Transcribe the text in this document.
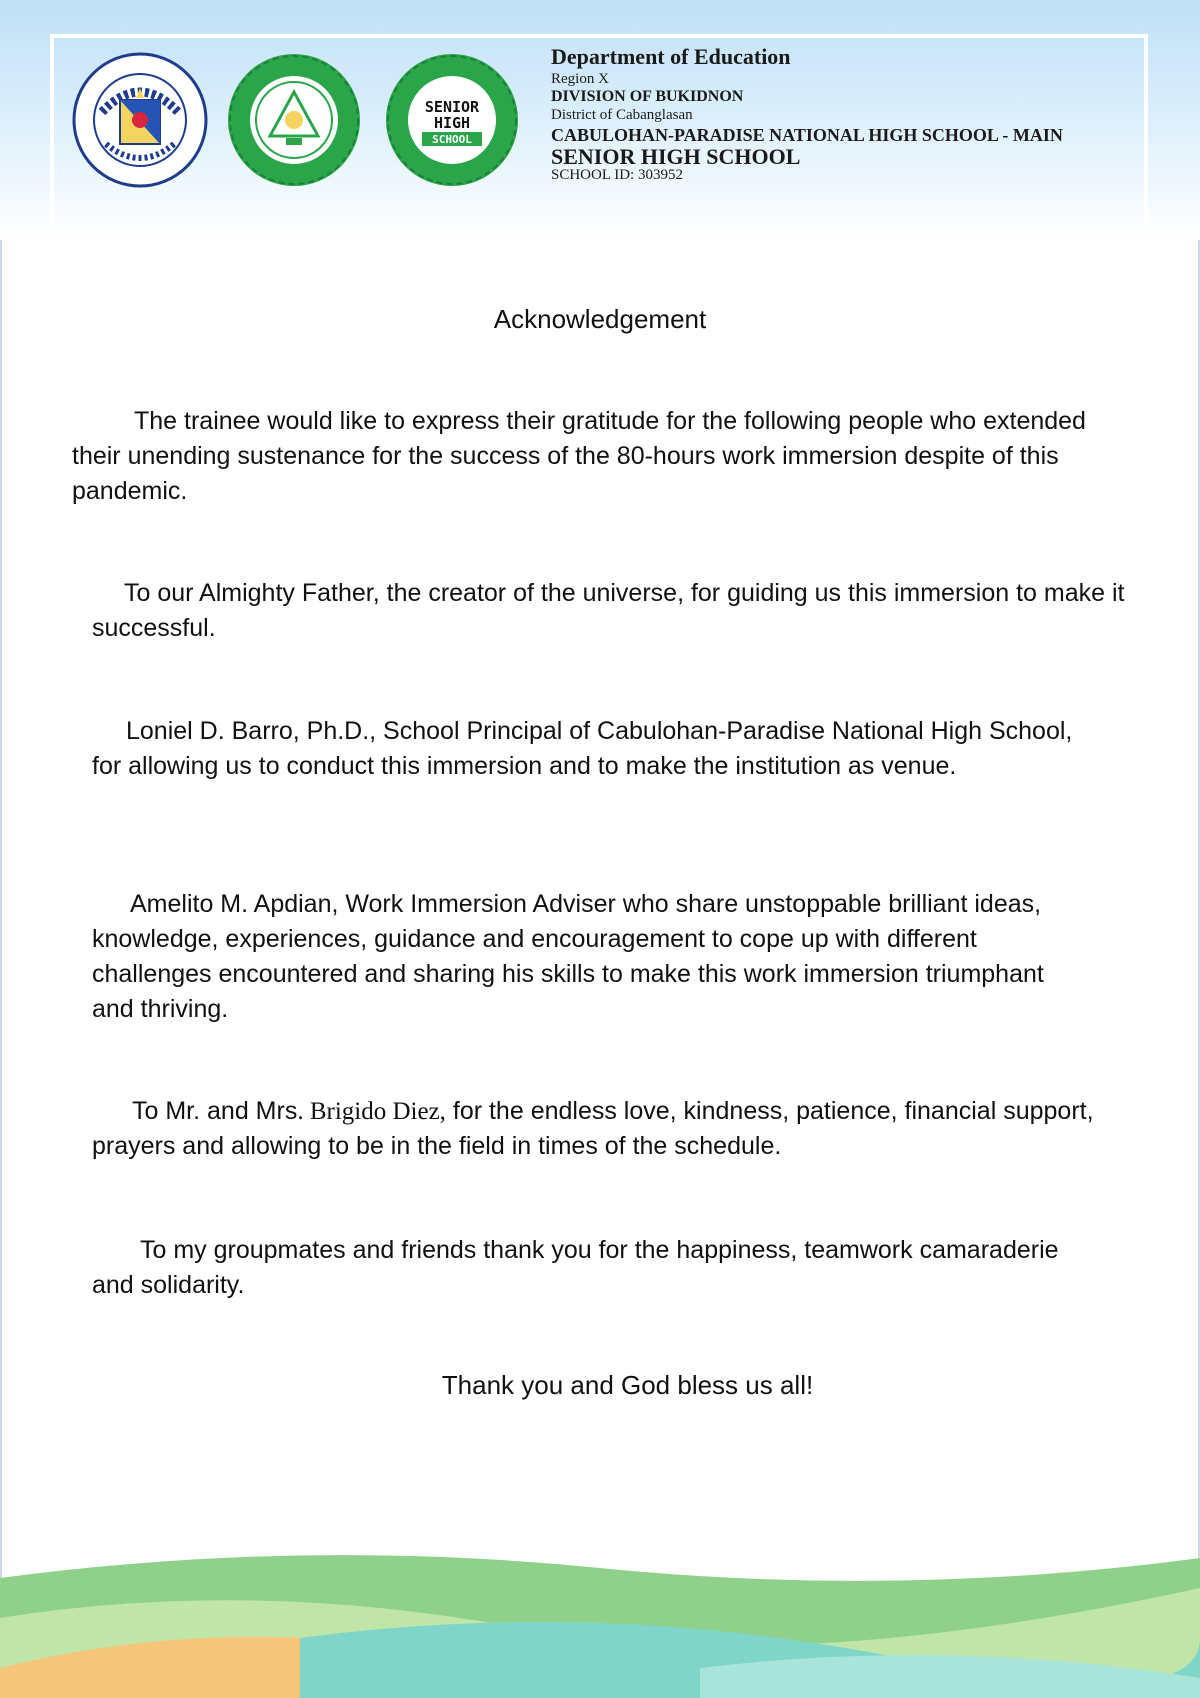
SENIOR
HIGH
SCHOOL
Department of Education
Region X
DIVISION OF BUKIDNON
District of Cabanglasan
CABULOHAN-PARADISE NATIONAL HIGH SCHOOL - MAIN
SENIOR HIGH SCHOOL
SCHOOL ID: 303952
Acknowledgement
The trainee would like to express their gratitude for the following people who extended their unending sustenance for the success of the 80-hours work immersion despite of this pandemic.
To our Almighty Father, the creator of the universe, for guiding us this immersion to make it successful.
Loniel D. Barro, Ph.D., School Principal of Cabulohan-Paradise National High School, for allowing us to conduct this immersion and to make the institution as venue.
Amelito M. Apdian, Work Immersion Adviser who share unstoppable brilliant ideas, knowledge, experiences, guidance and encouragement to cope up with different challenges encountered and sharing his skills to make this work immersion triumphant and thriving.
To Mr. and Mrs. Brigido Diez, for the endless love, kindness, patience, financial support, prayers and allowing to be in the field in times of the schedule.
To my groupmates and friends thank you for the happiness, teamwork camaraderie and solidarity.
Thank you and God bless us all!
